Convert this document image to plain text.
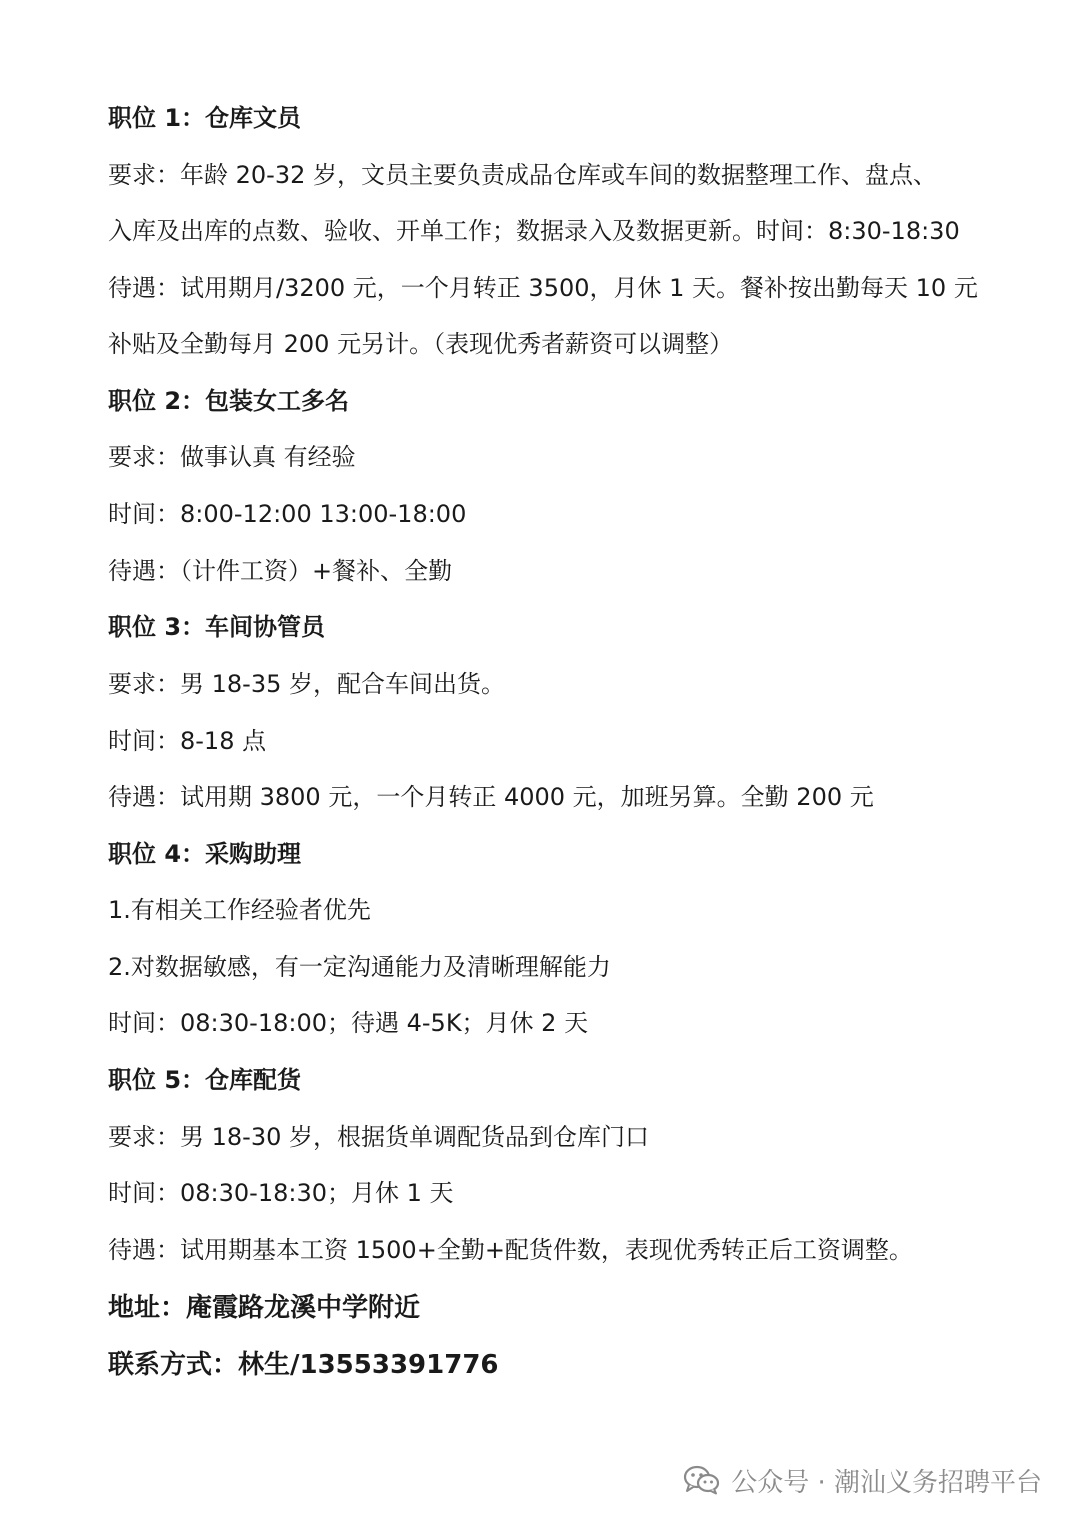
职位 1：仓库文员
要求：年龄 20-32 岁，文员主要负责成品仓库或车间的数据整理工作、盘点、
入库及出库的点数、验收、开单工作；数据录入及数据更新。时间：8:30-18:30
待遇：试用期月/3200 元，一个月转正 3500，月休 1 天。餐补按出勤每天 10 元
补贴及全勤每月 200 元另计。（表现优秀者薪资可以调整）
职位 2：包装女工多名
要求：做事认真 有经验
时间：8:00-12:00 13:00-18:00
待遇：（计件工资）+餐补、全勤
职位 3：车间协管员
要求：男 18-35 岁，配合车间出货。
时间：8-18 点
待遇：试用期 3800 元，一个月转正 4000 元，加班另算。全勤 200 元
职位 4：采购助理
1.有相关工作经验者优先
2.对数据敏感，有一定沟通能力及清晰理解能力
时间：08:30-18:00；待遇 4-5K；月休 2 天
职位 5：仓库配货
要求：男 18-30 岁，根据货单调配货品到仓库门口
时间：08:30-18:30；月休 1 天
待遇：试用期基本工资 1500+全勤+配货件数，表现优秀转正后工资调整。
地址：庵霞路龙溪中学附近
联系方式：林生/13553391776
公众号 · 潮汕义务招聘平台
